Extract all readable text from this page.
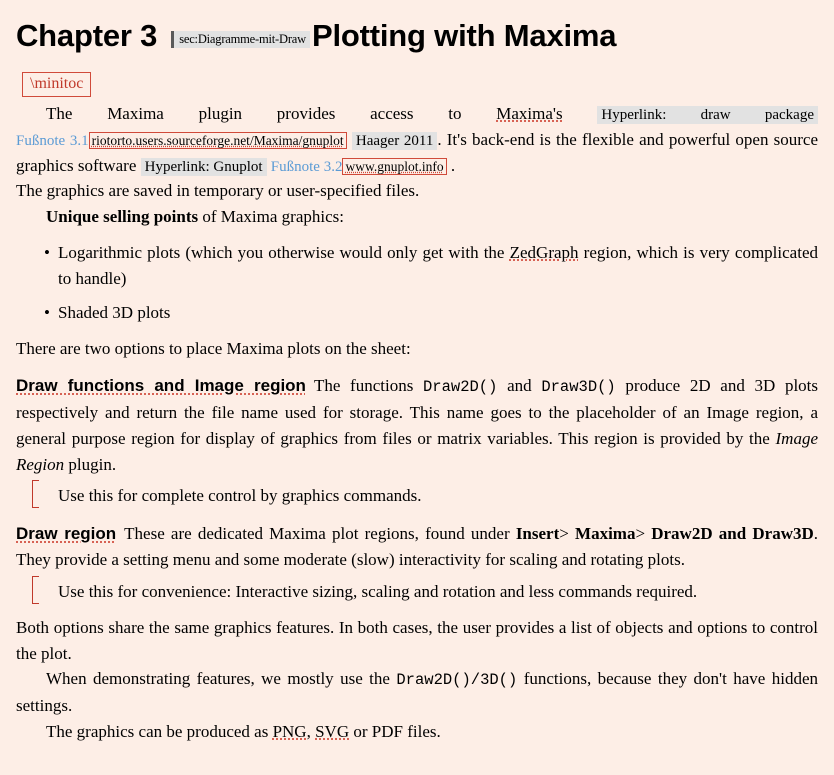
Chapter 3	sec:Diagramme-mit-Draw Plotting with Maxima
\minitoc

The Maxima plugin provides access to Maxima's	Hyperlink: draw package Fußnote 3.1 riotorto.users.sourceforge.net/Maxima/gnuplot Haager 2011 . It's back-end is the flexible and powerful open source graphics software Hyperlink: Gnuplot Fußnote 3.2 www.gnuplot.info .

The graphics are saved in temporary or user-specified files.

Unique selling points of Maxima graphics:

• Logarithmic plots (which you otherwise would only get with the ZedGraph region, which is very complicated to handle)
• Shaded 3D plots

There are two options to place Maxima plots on the sheet:

Draw functions and Image region The functions Draw2D() and Draw3D() produce 2D and 3D plots respectively and return the file name used for storage. This name goes to the placeholder of an Image region, a general purpose region for display of graphics from files or matrix variables. This region is provided by the Image Region plugin.

Use this for complete control by graphics commands.

Draw region These are dedicated Maxima plot regions, found under Insert> Maxima> Draw2D and Draw3D. They provide a setting menu and some moderate (slow) interactivity for scaling and rotating plots.

Use this for convenience: Interactive sizing, scaling and rotation and less commands required.

Both options share the same graphics features. In both cases, the user provides a list of objects and options to control the plot.

When demonstrating features, we mostly use the Draw2D()/3D() functions, because they don't have hidden settings.

The graphics can be produced as PNG, SVG or PDF files.
